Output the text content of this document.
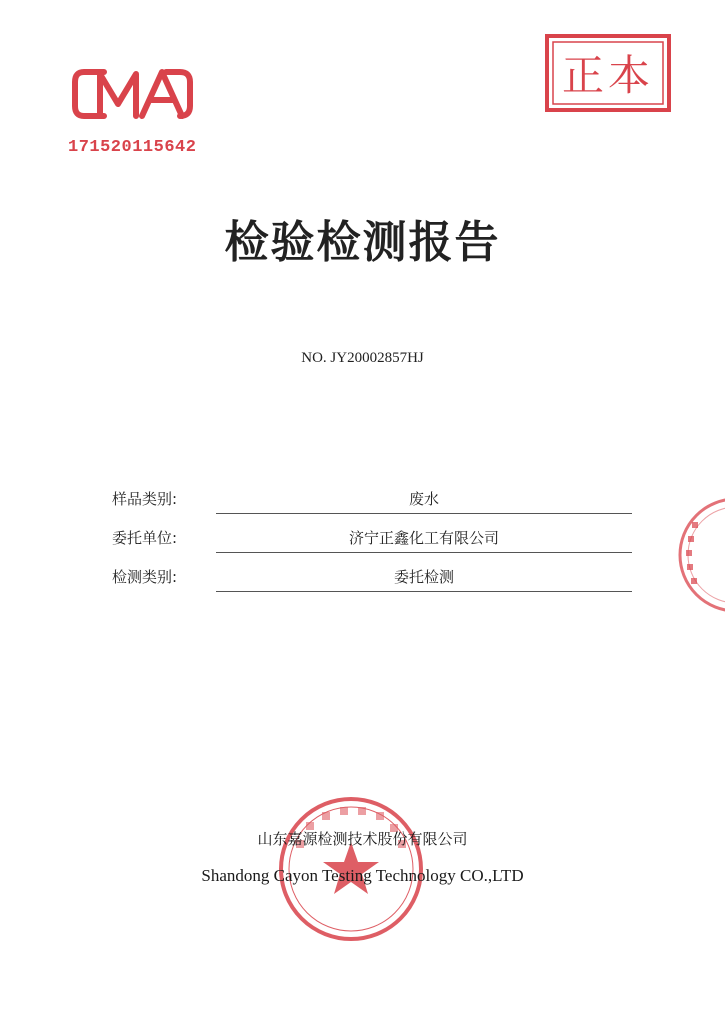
171520115642
正本
检验检测报告
NO. JY20002857HJ
样品类别:	废水
委托单位:	济宁正鑫化工有限公司
检测类别:	委托检测
山东嘉源检测技术股份有限公司
Shandong Cayon Testing Technology CO.,LTD
